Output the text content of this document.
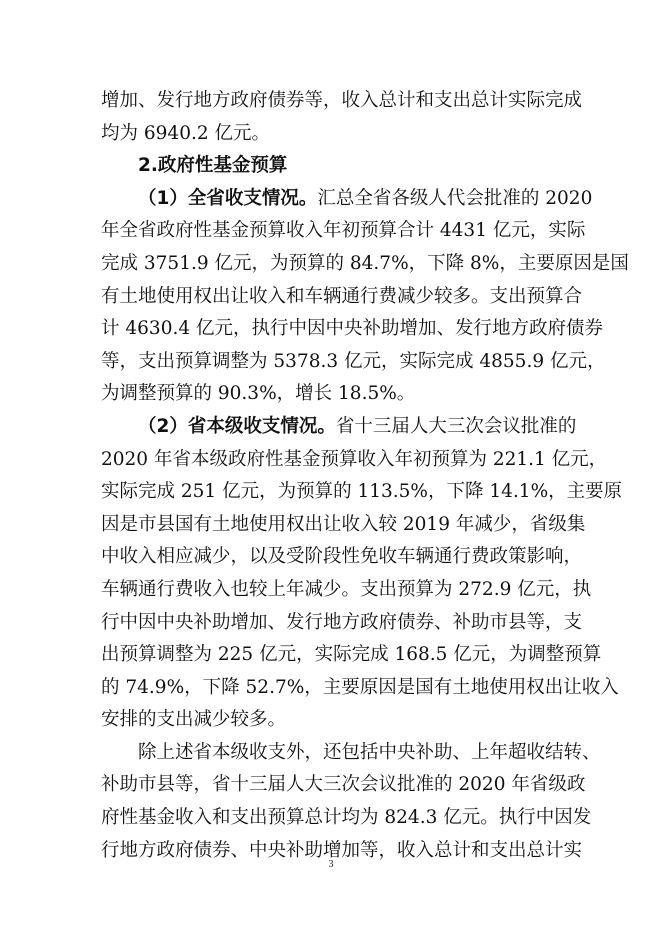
增加、发行地方政府债券等，收入总计和支出总计实际完成
均为 6940.2 亿元。
2.政府性基金预算
（1）全省收支情况。汇总全省各级人代会批准的 2020
年全省政府性基金预算收入年初预算合计 4431 亿元，实际
完成 3751.9 亿元，为预算的 84.7%，下降 8%，主要原因是国
有土地使用权出让收入和车辆通行费减少较多。支出预算合
计 4630.4 亿元，执行中因中央补助增加、发行地方政府债券
等，支出预算调整为 5378.3 亿元，实际完成 4855.9 亿元，
为调整预算的 90.3%，增长 18.5%。
（2）省本级收支情况。省十三届人大三次会议批准的
2020 年省本级政府性基金预算收入年初预算为 221.1 亿元，
实际完成 251 亿元，为预算的 113.5%，下降 14.1%，主要原
因是市县国有土地使用权出让收入较 2019 年减少，省级集
中收入相应减少，以及受阶段性免收车辆通行费政策影响，
车辆通行费收入也较上年减少。支出预算为 272.9 亿元，执
行中因中央补助增加、发行地方政府债券、补助市县等，支
出预算调整为 225 亿元，实际完成 168.5 亿元，为调整预算
的 74.9%，下降 52.7%，主要原因是国有土地使用权出让收入
安排的支出减少较多。
除上述省本级收支外，还包括中央补助、上年超收结转、
补助市县等，省十三届人大三次会议批准的 2020 年省级政
府性基金收入和支出预算总计均为 824.3 亿元。执行中因发
行地方政府债券、中央补助增加等，收入总计和支出总计实
3
